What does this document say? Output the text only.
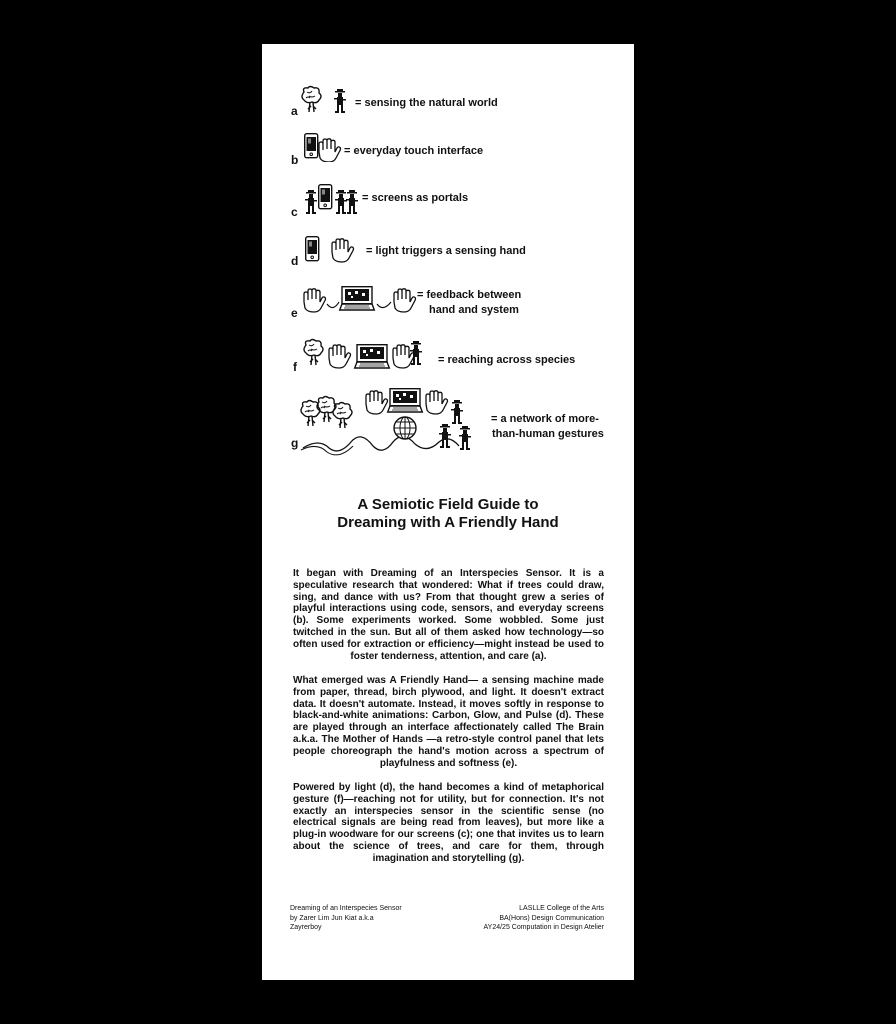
a
= sensing the natural world
b
= everyday touch interface
c
= screens as portals
d
= light triggers a sensing hand
e
= feedback between
hand and system
f	= reaching across species
g
= a network of more-
than-human gestures
A Semiotic Field Guide to
Dreaming with A Friendly Hand
It began with Dreaming of an Interspecies Sensor. It is a speculative research that wondered: What if trees could draw, sing, and dance with us? From that thought grew a series of playful interactions using code, sensors, and everyday screens (b). Some experiments worked. Some wobbled. Some just twitched in the sun. But all of them asked how technology—so often used for extraction or efficiency—might instead be used to foster tenderness, attention, and care (a).
What emerged was A Friendly Hand— a sensing machine made from paper, thread, birch plywood, and light. It doesn't extract data. It doesn't automate. Instead, it moves softly in response to black-and-white animations: Carbon, Glow, and Pulse (d). These are played through an interface affectionately called The Brain a.k.a. The Mother of Hands —a retro-style control panel that lets people choreograph the hand's motion across a spectrum of playfulness and softness (e).
Powered by light (d), the hand becomes a kind of metaphorical gesture (f)—reaching not for utility, but for connection. It's not exactly an interspecies sensor in the scientific sense (no electrical signals are being read from leaves), but more like a plug-in woodware for our screens (c); one that invites us to learn about the science of trees, and care for them, through imagination and storytelling (g).
Dreaming of an Interspecies Sensor
by Zarer Lim Jun Kiat a.k.a
Zayrerboy
LASLLE College of the Arts
BA(Hons) Design Communication
AY24/25 Computation in Design Atelier
